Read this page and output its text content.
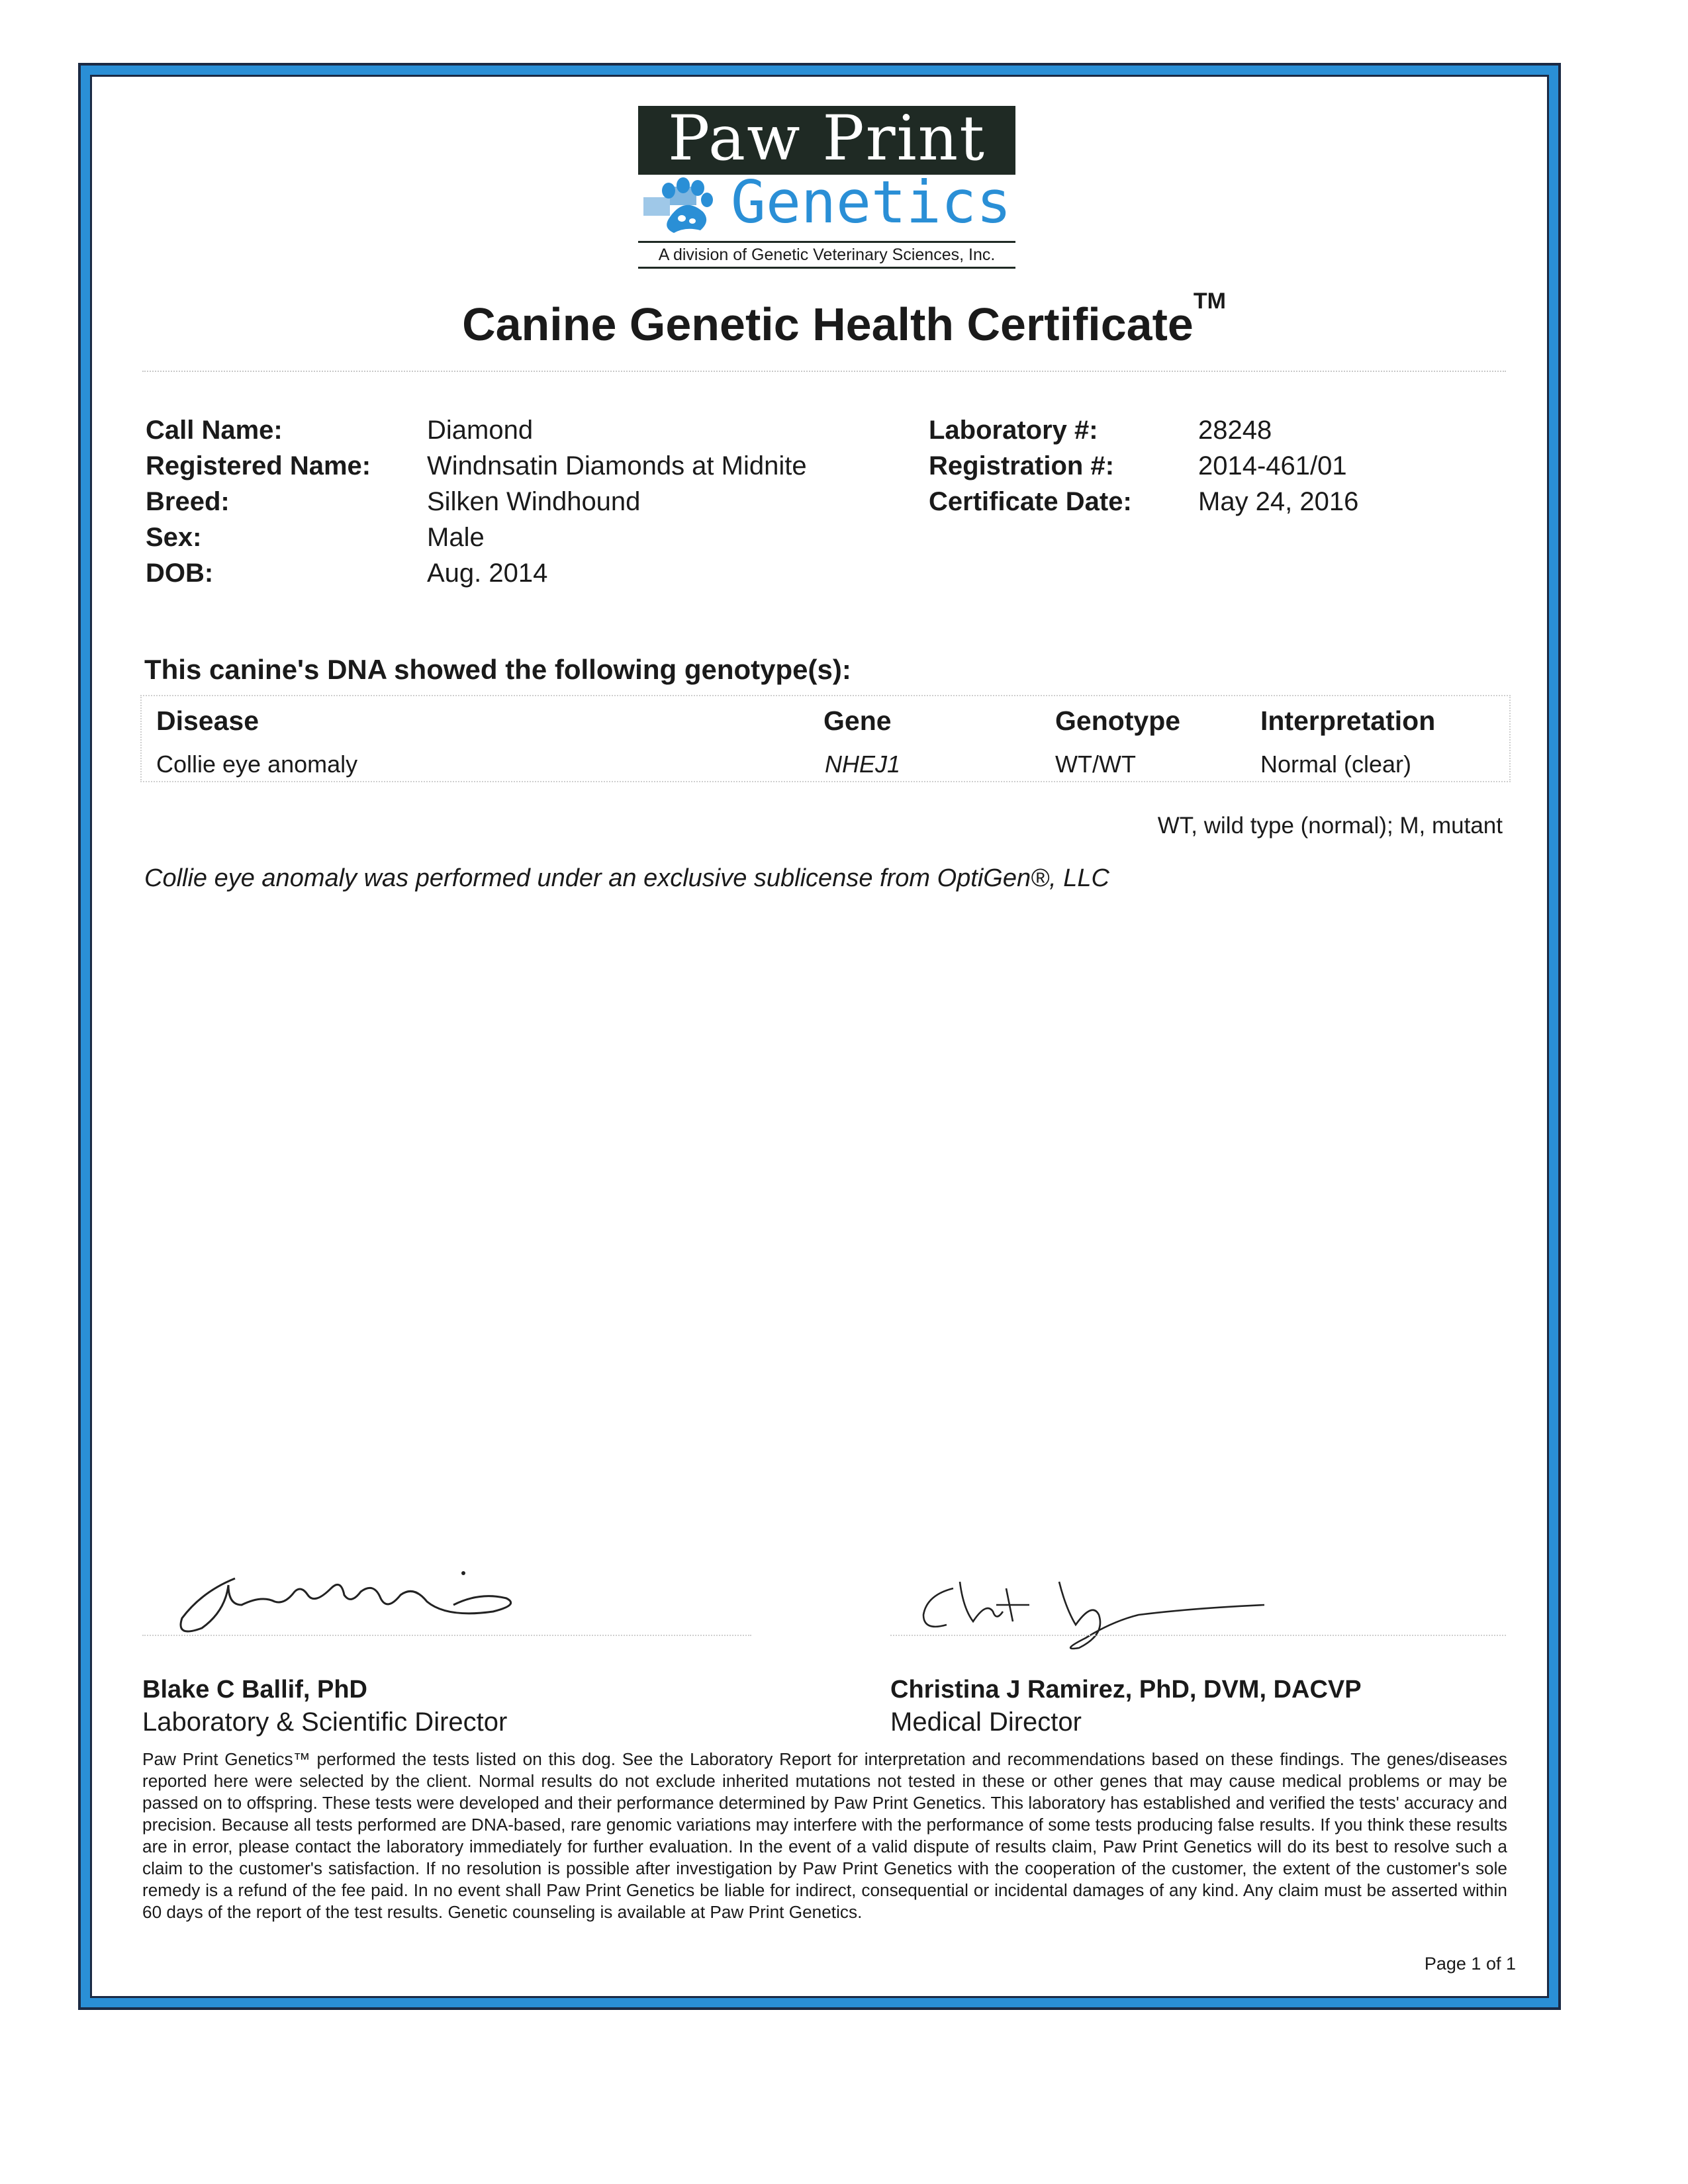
Paw Print
Genetics
A division of Genetic Veterinary Sciences, Inc.
Canine Genetic Health Certificate™
Call Name:	Diamond
Registered Name: Windnsatin Diamonds at Midnite
Breed:	Silken Windhound
Sex:	Male
DOB:	Aug. 2014
Laboratory #:	28248
Registration #:	2014-461/01
Certificate Date:	May 24, 2016
This canine's DNA showed the following genotype(s):
Disease	Gene	Genotype	Interpretation
Collie eye anomaly	NHEJ1	WT/WT	Normal (clear)
WT, wild type (normal); M, mutant
Collie eye anomaly was performed under an exclusive sublicense from OptiGen®, LLC
Blake C Ballif, PhD
Laboratory & Scientific Director
Christina J Ramirez, PhD, DVM, DACVP
Medical Director
Paw Print Genetics™ performed the tests listed on this dog. See the Laboratory Report for interpretation and recommendations based on these findings. The genes/diseases reported here were selected by the client. Normal results do not exclude inherited mutations not tested in these or other genes that may cause medical problems or may be passed on to offspring. These tests were developed and their performance determined by Paw Print Genetics. This laboratory has established and verified the tests' accuracy and precision. Because all tests performed are DNA-based, rare genomic variations may interfere with the performance of some tests producing false results. If you think these results are in error, please contact the laboratory immediately for further evaluation. In the event of a valid dispute of results claim, Paw Print Genetics will do its best to resolve such a claim to the customer's satisfaction. If no resolution is possible after investigation by Paw Print Genetics with the cooperation of the customer, the extent of the customer's sole remedy is a refund of the fee paid. In no event shall Paw Print Genetics be liable for indirect, consequential or incidental damages of any kind. Any claim must be asserted within 60 days of the report of the test results. Genetic counseling is available at Paw Print Genetics.
Page 1 of 1
